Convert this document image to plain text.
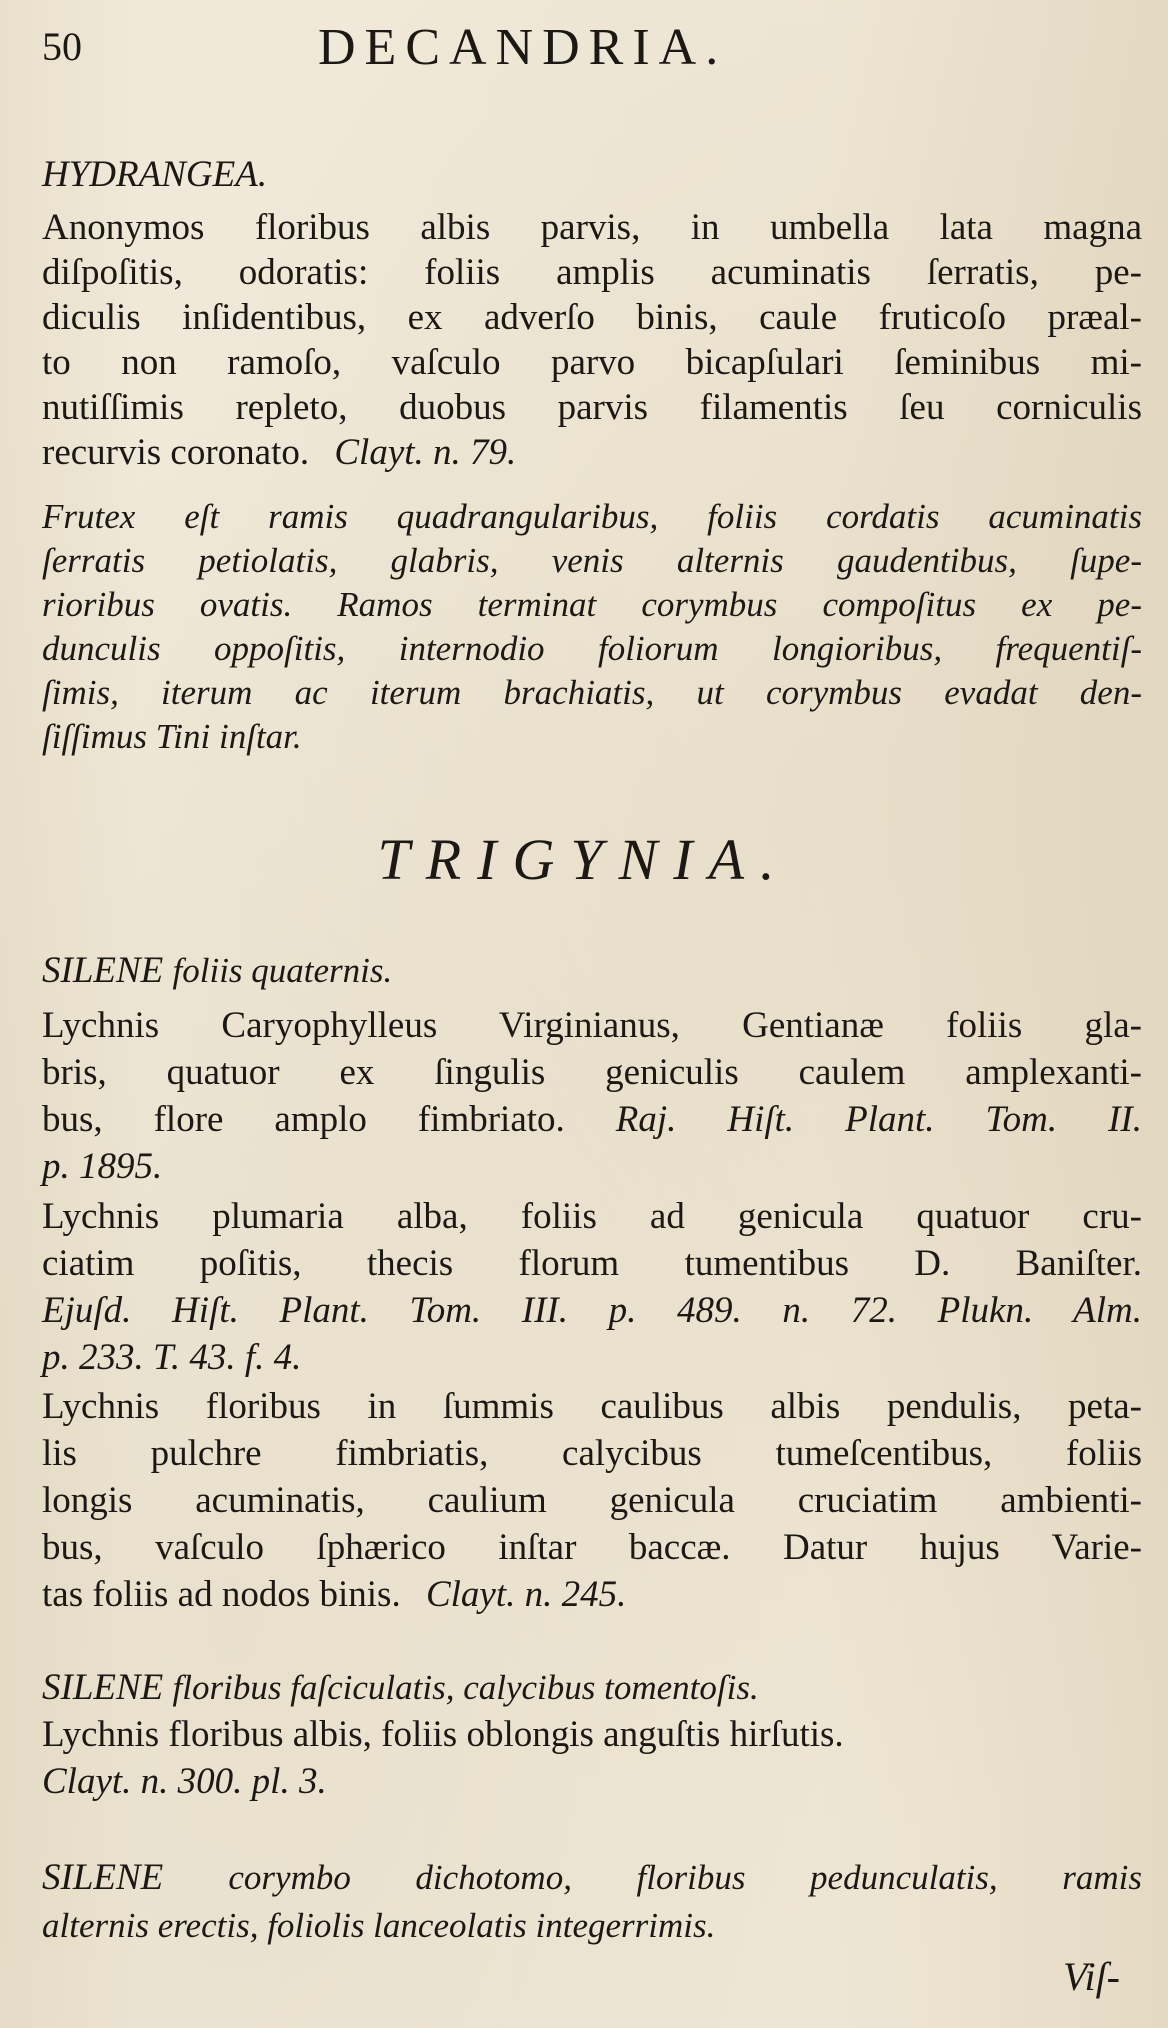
50	DECANDRIA.
HYDRANGEA.

Anonymos floribus albis parvis, in umbella lata magna

diſpoſitis, odoratis: foliis amplis acuminatis ſerratis, pe-

diculis inſidentibus, ex adverſo binis, caule fruticoſo præal-

to non ramoſo, vaſculo parvo bicapſulari ſeminibus mi-

nutiſſimis repleto, duobus parvis filamentis ſeu corniculis

recurvis coronato. Clayt. n. 79.

Frutex eſt ramis quadrangularibus, foliis cordatis acuminatis

ſerratis petiolatis, glabris, venis alternis gaudentibus, ſupe-

rioribus ovatis. Ramos terminat corymbus compoſitus ex pe-

dunculis oppoſitis, internodio foliorum longioribus, frequentiſ-

ſimis, iterum ac iterum brachiatis, ut corymbus evadat den-

ſiſſimus Tini inſtar.

TRIGYNIA.

SILENE foliis quaternis.

Lychnis Caryophylleus Virginianus, Gentianæ foliis gla-

bris, quatuor ex ſingulis geniculis caulem amplexanti-

bus, flore amplo fimbriato. Raj. Hiſt. Plant. Tom. II.

p. 1895.

Lychnis plumaria alba, foliis ad genicula quatuor cru-

ciatim poſitis, thecis florum tumentibus D. Baniſter.

Ejuſd. Hiſt. Plant. Tom. III. p. 489. n. 72. Plukn. Alm.

p. 233. T. 43. f. 4.

Lychnis floribus in ſummis caulibus albis pendulis, peta-

lis pulchre fimbriatis, calycibus tumeſcentibus, foliis

longis acuminatis, caulium genicula cruciatim ambienti-

bus, vaſculo ſphærico inſtar baccæ. Datur hujus Varie-

tas foliis ad nodos binis. Clayt. n. 245.

SILENE floribus faſciculatis, calycibus tomentoſis.

Lychnis floribus albis, foliis oblongis anguſtis hirſutis.

Clayt. n. 300. pl. 3.

SILENE corymbo dichotomo, floribus pedunculatis, ramis

alternis erectis, foliolis lanceolatis integerrimis.

Viſ-
